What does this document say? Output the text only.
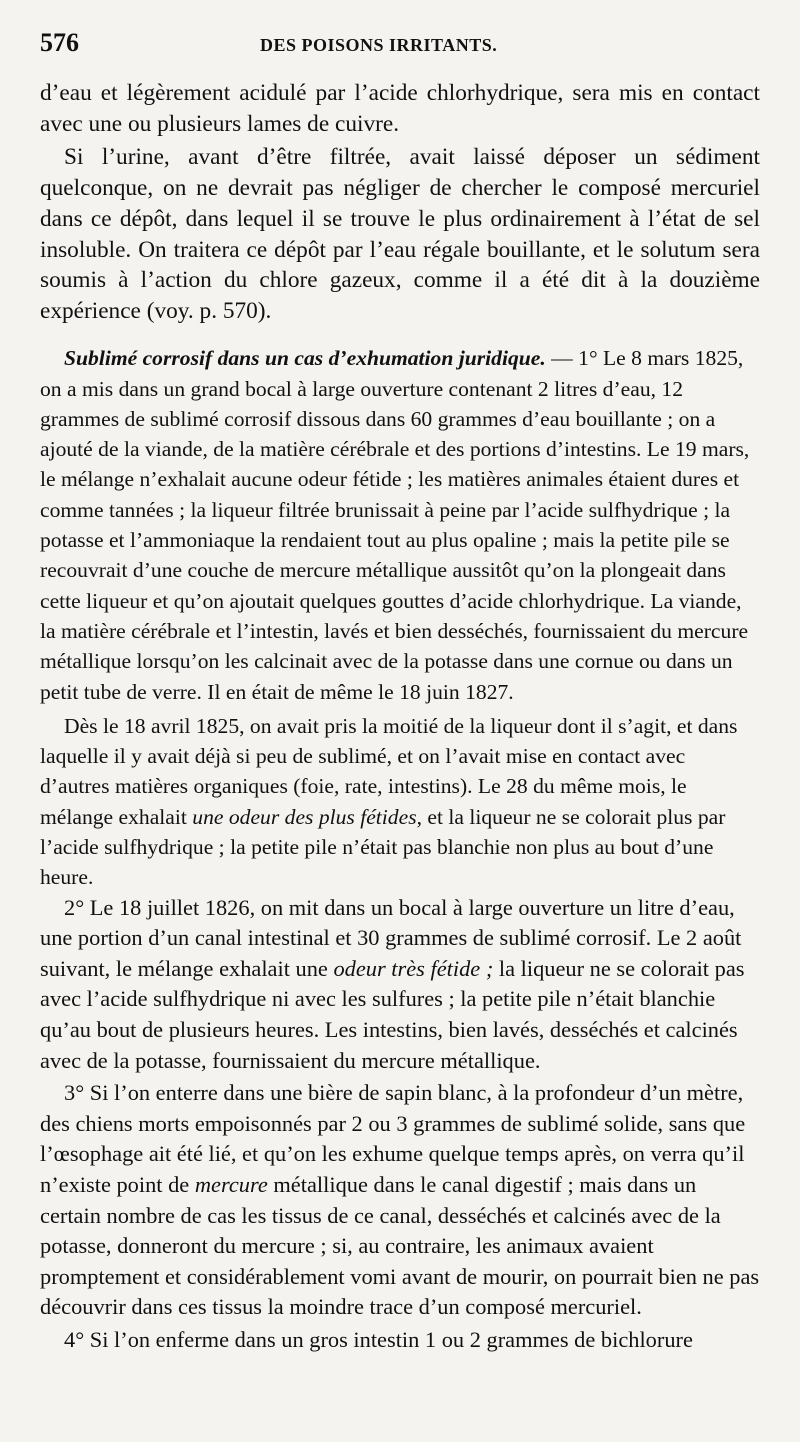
576	DES POISONS IRRITANTS.

d’eau et légèrement acidulé par l’acide chlorhydrique, sera mis en contact avec une ou plusieurs lames de cuivre.

Si l’urine, avant d’être filtrée, avait laissé déposer un sédiment quelconque, on ne devrait pas négliger de chercher le composé mercuriel dans ce dépôt, dans lequel il se trouve le plus ordinairement à l’état de sel insoluble. On traitera ce dépôt par l’eau régale bouillante, et le solutum sera soumis à l’action du chlore gazeux, comme il a été dit à la douzième expérience (voy. p. 570).

Sublimé corrosif dans un cas d’exhumation juridique. — 1° Le 8 mars 1825, on a mis dans un grand bocal à large ouverture contenant 2 litres d’eau, 12 grammes de sublimé corrosif dissous dans 60 grammes d’eau bouillante ; on a ajouté de la viande, de la matière cérébrale et des portions d’intestins. Le 19 mars, le mélange n’exhalait aucune odeur fétide ; les matières animales étaient dures et comme tannées ; la liqueur filtrée brunissait à peine par l’acide sulfhydrique ; la potasse et l’ammoniaque la rendaient tout au plus opaline ; mais la petite pile se recouvrait d’une couche de mercure métallique aussitôt qu’on la plongeait dans cette liqueur et qu’on ajoutait quelques gouttes d’acide chlorhydrique. La viande, la matière cérébrale et l’intestin, lavés et bien desséchés, fournissaient du mercure métallique lorsqu’on les calcinait avec de la potasse dans une cornue ou dans un petit tube de verre. Il en était de même le 18 juin 1827.

Dès le 18 avril 1825, on avait pris la moitié de la liqueur dont il s’agit, et dans laquelle il y avait déjà si peu de sublimé, et on l’avait mise en contact avec d’autres matières organiques (foie, rate, intestins). Le 28 du même mois, le mélange exhalait une odeur des plus fétides, et la liqueur ne se colorait plus par l’acide sulfhydrique ; la petite pile n’était pas blanchie non plus au bout d’une heure.

2° Le 18 juillet 1826, on mit dans un bocal à large ouverture un litre d’eau, une portion d’un canal intestinal et 30 grammes de sublimé corrosif. Le 2 août suivant, le mélange exhalait une odeur très fétide ; la liqueur ne se colorait pas avec l’acide sulfhydrique ni avec les sulfures ; la petite pile n’était blanchie qu’au bout de plusieurs heures. Les intestins, bien lavés, desséchés et calcinés avec de la potasse, fournissaient du mercure métallique.

3° Si l’on enterre dans une bière de sapin blanc, à la profondeur d’un mètre, des chiens morts empoisonnés par 2 ou 3 grammes de sublimé solide, sans que l’œsophage ait été lié, et qu’on les exhume quelque temps après, on verra qu’il n’existe point de mercure métallique dans le canal digestif ; mais dans un certain nombre de cas les tissus de ce canal, desséchés et calcinés avec de la potasse, donneront du mercure ; si, au contraire, les animaux avaient promptement et considérablement vomi avant de mourir, on pourrait bien ne pas découvrir dans ces tissus la moindre trace d’un composé mercuriel.

4° Si l’on enferme dans un gros intestin 1 ou 2 grammes de bichlorure
